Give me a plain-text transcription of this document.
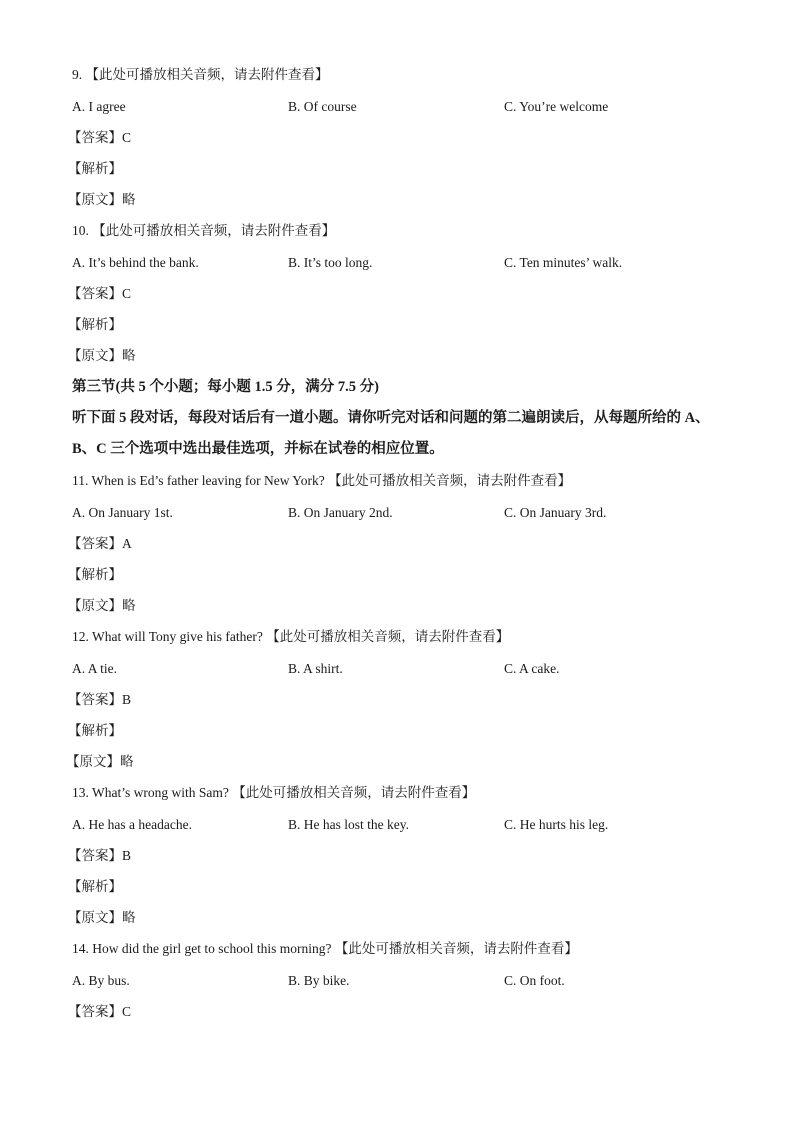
9. 【此处可播放相关音频，请去附件查看】
A. I agree	B. Of course	C. You’re welcome
【答案】C
【解析】
【原文】略
10. 【此处可播放相关音频，请去附件查看】
A. It’s behind the bank.	B. It’s too long.	C. Ten minutes’ walk.
【答案】C
【解析】
【原文】略
第三节(共 5 个小题；每小题 1.5 分，满分 7.5 分)
听下面 5 段对话，每段对话后有一道小题。请你听完对话和问题的第二遍朗读后，从每题所给的 A、B、C 三个选项中选出最佳选项，并标在试卷的相应位置。
11. When is Ed’s father leaving for New York? 【此处可播放相关音频，请去附件查看】
A. On January 1st.	B. On January 2nd.	C. On January 3rd.
【答案】A
【解析】
【原文】略
12. What will Tony give his father? 【此处可播放相关音频，请去附件查看】
A. A tie.	B. A shirt.	C. A cake.
【答案】B
【解析】
【原文】略
13. What’s wrong with Sam? 【此处可播放相关音频，请去附件查看】
A. He has a headache.	B. He has lost the key.	C. He hurts his leg.
【答案】B
【解析】
【原文】略
14. How did the girl get to school this morning? 【此处可播放相关音频，请去附件查看】
A. By bus.	B. By bike.	C. On foot.
【答案】C
